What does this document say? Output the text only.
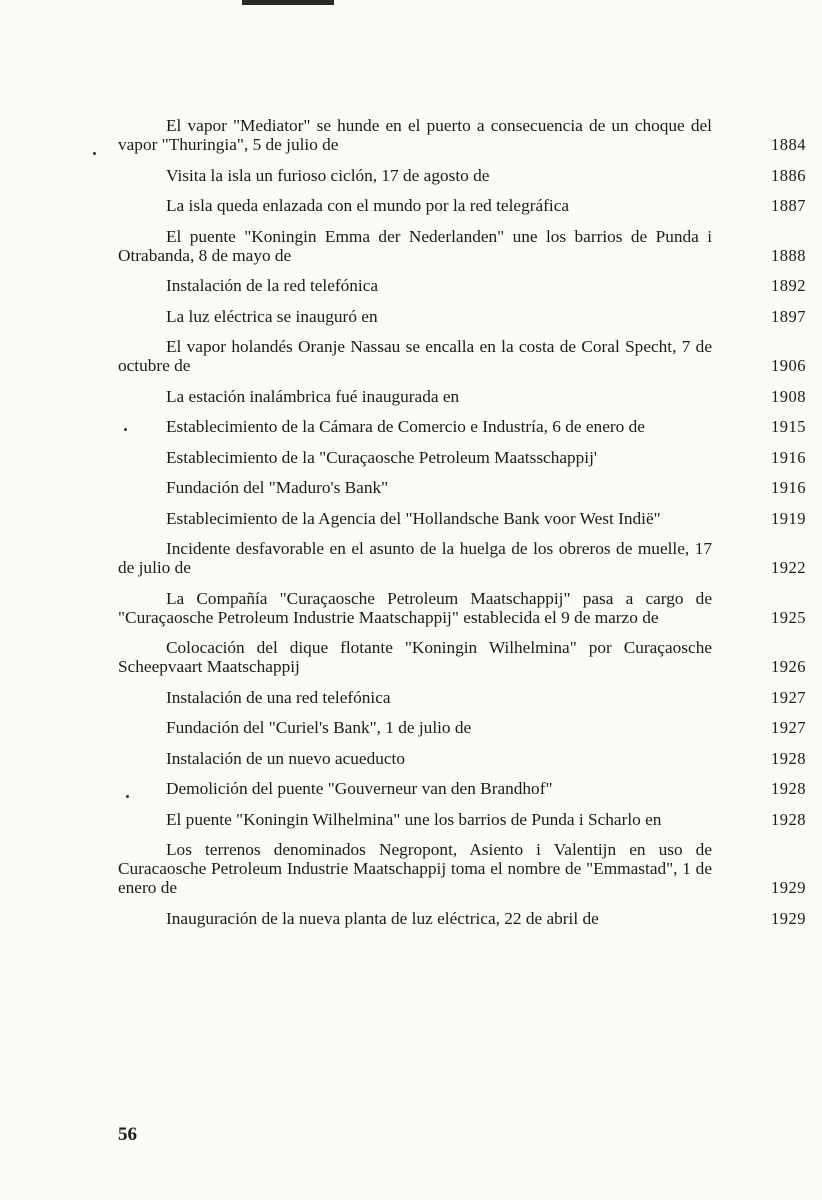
El vapor "Mediator" se hunde en el puerto a consecuencia de un choque del vapor "Thuringia", 5 de julio de	1884
Visita la isla un furioso ciclón, 17 de agosto de	1886
La isla queda enlazada con el mundo por la red telegráfica	1887
El puente "Koningin Emma der Nederlanden" une los barrios de Punda i Otrabanda, 8 de mayo de	1888
Instalación de la red telefónica	1892
La luz eléctrica se inauguró en	1897
El vapor holandés Oranje Nassau se encalla en la costa de Coral Specht, 7 de octubre de	1906
La estación inalámbrica fué inaugurada en	1908
Establecimiento de la Cámara de Comercio e Industría, 6 de enero de	1915
Establecimiento de la "Curaçaosche Petroleum Maatsschappij'	1916
Fundación del "Maduro's Bank"	1916
Establecimiento de la Agencia del "Hollandsche Bank voor West Indië"	1919
Incidente desfavorable en el asunto de la huelga de los obreros de muelle, 17 de julio de	1922
La Compañía "Curaçaosche Petroleum Maatschappij" pasa a cargo de "Curaçaosche Petroleum Industrie Maatschappij" establecida el 9 de marzo de	1925
Colocación del dique flotante "Koningin Wilhelmina" por Curaçaosche Scheepvaart Maatschappij	1926
Instalación de una red telefónica	1927
Fundación del "Curiel's Bank", 1 de julio de	1927
Instalación de un nuevo acueducto	1928
Demolición del puente "Gouverneur van den Brandhof"	1928
El puente "Koningin Wilhelmina" une los barrios de Punda i Scharlo en	1928
Los terrenos denominados Negropont, Asiento i Valentijn en uso de Curacaosche Petroleum Industrie Maatschappij toma el nombre de "Emmastad", 1 de enero de	1929
Inauguración de la nueva planta de luz eléctrica, 22 de abril de	1929
56
